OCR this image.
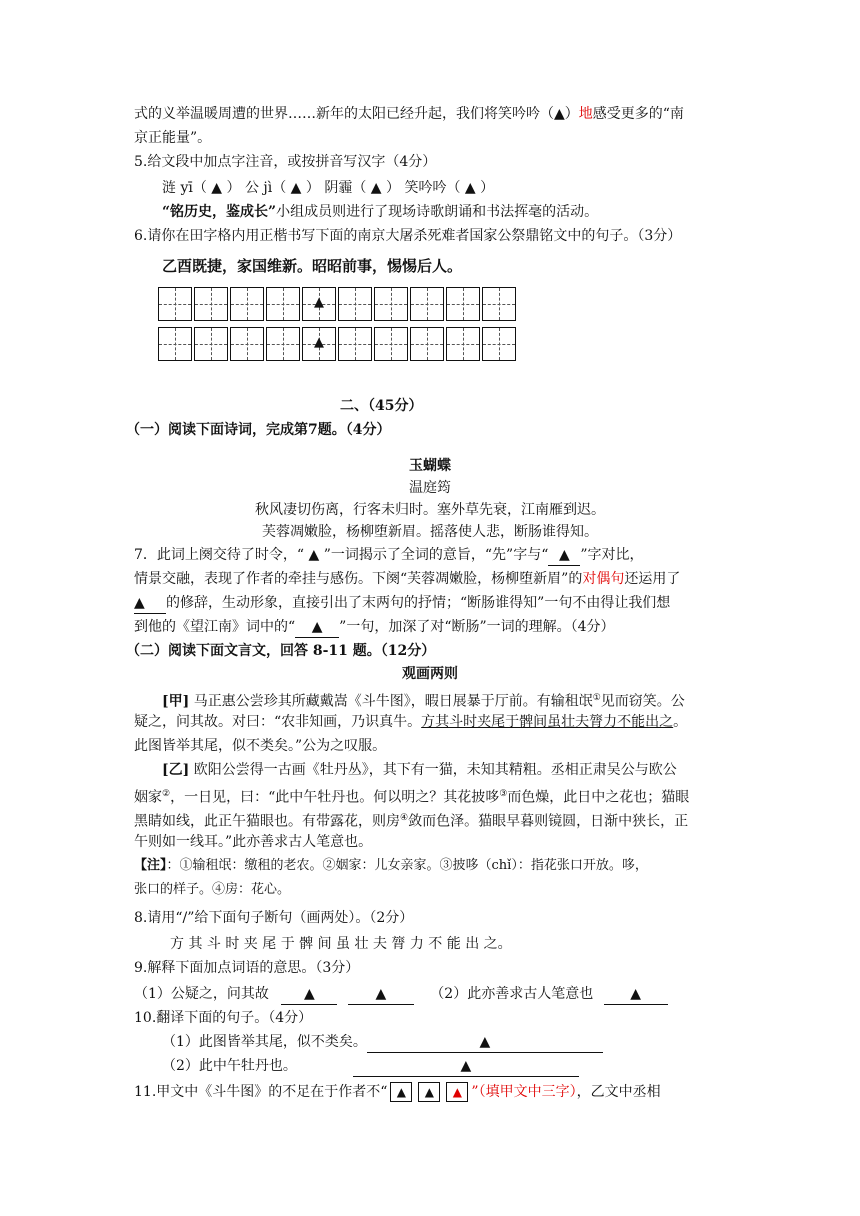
式的义举温暖周遭的世界……新年的太阳已经升起，我们将笑吟吟（▲）地感受更多的“南
京正能量”。
5.给文段中加点字注音，或按拼音写汉字（4分）
涟 yī（ ▲ ） 公 jì（ ▲ ） 阴霾（ ▲ ） 笑吟吟（ ▲ ）
“铭历史，鉴成长”小组成员则进行了现场诗歌朗诵和书法挥毫的活动。
6.请你在田字格内用正楷书写下面的南京大屠杀死难者国家公祭鼎铭文中的句子。（3分）
乙酉既捷，家国维新。昭昭前事，惕惕后人。
▲
▲
二、（45分）
（一）阅读下面诗词，完成第7题。（4分）
玉蝴蝶
温庭筠
秋风凄切伤离，行客未归时。塞外草先衰，江南雁到迟。
芙蓉凋嫩脸，杨柳堕新眉。摇落使人悲，断肠谁得知。
7．此词上阕交待了时令，“ ▲ ”一词揭示了全词的意旨，“先”字与“ ▲ ”字对比，
情景交融，表现了作者的牵挂与感伤。下阕“芙蓉凋嫩脸，杨柳堕新眉”的对偶句还运用了
▲ 的修辞，生动形象，直接引出了末两句的抒情；“断肠谁得知”一句不由得让我们想
到他的《望江南》词中的“ ▲ ”一句，加深了对“断肠”一词的理解。（4分）
（二）阅读下面文言文，回答 8-11 题。（12分）
观画两则
[甲] 马正惠公尝珍其所藏戴嵩《斗牛图》，暇日展暴于厅前。有输租氓①见而窃笑。公
疑之，问其故。对曰：“农非知画，乃识真牛。方其斗时夹尾于髀间虽壮夫膂力不能出之。
此图皆举其尾，似不类矣。”公为之叹服。
[乙] 欧阳公尝得一古画《牡丹丛》，其下有一猫，未知其精粗。丞相正肃吴公与欧公
姻家②，一日见，曰：“此中午牡丹也。何以明之？其花披哆③而色燥，此日中之花也；猫眼
黑睛如线，此正午猫眼也。有带露花，则房④敛而色泽。猫眼早暮则镜圆，日渐中狭长，正
午则如一线耳。”此亦善求古人笔意也。
【注】：①输租氓：缴租的老农。②姻家：儿女亲家。③披哆（chǐ）：指花张口开放。哆，
张口的样子。④房：花心。
8.请用“/”给下面句子断句（画两处）。（2分）
方 其 斗 时 夹 尾 于 髀 间 虽 壮 夫 膂 力 不 能 出 之。
9.解释下面加点词语的意思。（3分）
（1）公疑之，问其故	▲	▲	（2）此亦善求古人笔意也	▲
10.翻译下面的句子。（4分）
（1）此图皆举其尾，似不类矣。	▲
（2）此中午牡丹也。	▲
11.甲文中《斗牛图》的不足在于作者不“ ▲ ▲ ▲ ”（填甲文中三字），乙文中丞相
